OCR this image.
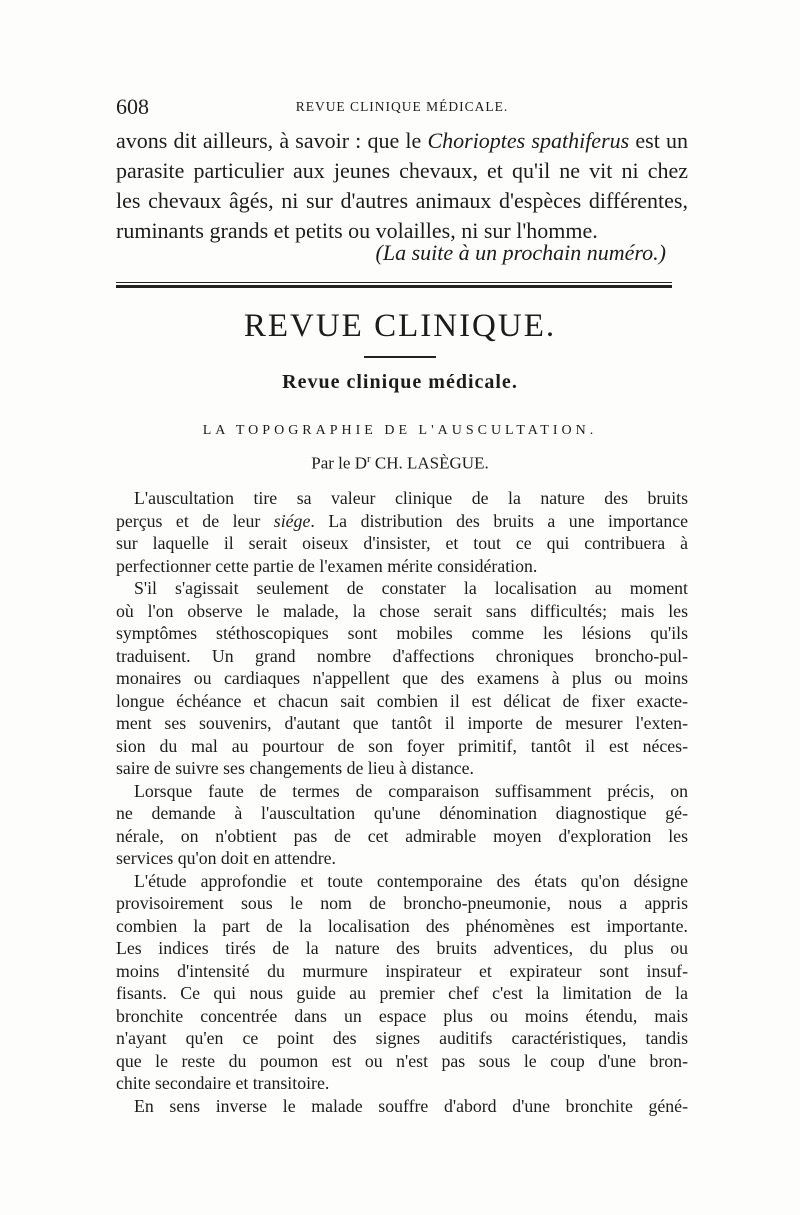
608	REVUE CLINIQUE MÉDICALE.
avons dit ailleurs, à savoir : que le Chorioptes spathiferus est un
parasite particulier aux jeunes chevaux, et qu'il ne vit ni chez
les chevaux âgés, ni sur d'autres animaux d'espèces différentes,
ruminants grands et petits ou volailles, ni sur l'homme.
(La suite à un prochain numéro.)
REVUE CLINIQUE.
Revue clinique médicale.
LA TOPOGRAPHIE DE L'AUSCULTATION.
Par le $D^r$ CH. LASÈGUE.
L'auscultation tire sa valeur clinique de la nature des bruits
perçus et de leur siége. La distribution des bruits a une importance
sur laquelle il serait oiseux d'insister, et tout ce qui contribuera à
perfectionner cette partie de l'examen mérite considération.
S'il s'agissait seulement de constater la localisation au moment
où l'on observe le malade, la chose serait sans difficultés; mais les
symptômes stéthoscopiques sont mobiles comme les lésions qu'ils
traduisent. Un grand nombre d'affections chroniques broncho-pul-
monaires ou cardiaques n'appellent que des examens à plus ou moins
longue échéance et chacun sait combien il est délicat de fixer exacte-
ment ses souvenirs, d'autant que tantôt il importe de mesurer l'exten-
sion du mal au pourtour de son foyer primitif, tantôt il est néces-
saire de suivre ses changements de lieu à distance.
Lorsque faute de termes de comparaison suffisamment précis, on
ne demande à l'auscultation qu'une dénomination diagnostique gé-
nérale, on n'obtient pas de cet admirable moyen d'exploration les
services qu'on doit en attendre.
L'étude approfondie et toute contemporaine des états qu'on désigne
provisoirement sous le nom de broncho-pneumonie, nous a appris
combien la part de la localisation des phénomènes est importante.
Les indices tirés de la nature des bruits adventices, du plus ou
moins d'intensité du murmure inspirateur et expirateur sont insuf-
fisants. Ce qui nous guide au premier chef c'est la limitation de la
bronchite concentrée dans un espace plus ou moins étendu, mais
n'ayant qu'en ce point des signes auditifs caractéristiques, tandis
que le reste du poumon est ou n'est pas sous le coup d'une bron-
chite secondaire et transitoire.
En sens inverse le malade souffre d'abord d'une bronchite géné-
